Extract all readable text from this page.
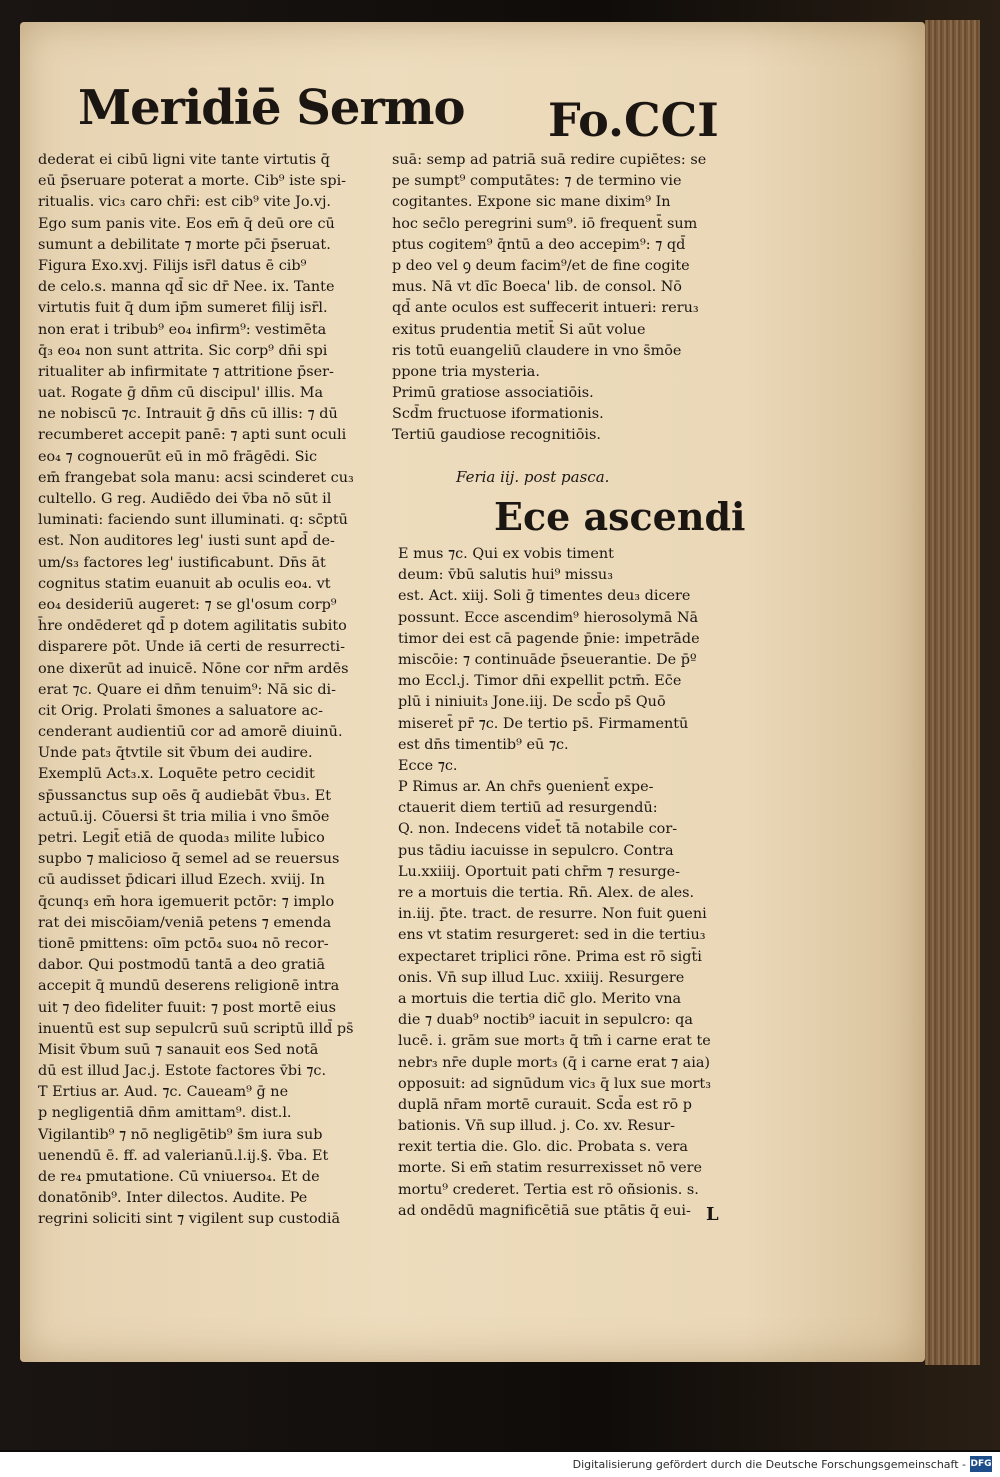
Meridiē Sermo Fo.CCI
dederat ei cibū ligni vite tante virtutis q̄
eū p̄seruare poterat a morte. Cib⁹ iste spi-
ritualis. vic₃ caro chr̄i: est cib⁹ vite Jo.vj.
Ego sum panis vite. Eos em̄ q̄ deū ore cū
sumunt a debilitate ⁊ morte pc̄i p̄seruat.
Figura Exo.xvj. Filijs isr̄l datus ē cib⁹
de celo.s. manna qd̄ sic dr̄ Nee. ix. Tante
virtutis fuit q̄ dum ip̄m sumeret filij isr̄l.
non erat i tribub⁹ eo₄ infirm⁹: vestimēta
q̄₃ eo₄ non sunt attrita. Sic corp⁹ dn̄i spi
ritualiter ab infirmitate ⁊ attritione p̄ser-
uat. Rogate ḡ dn̄m cū discipul' illis. Ma
ne nobiscū ⁊c. Intrauit ḡ dn̄s cū illis: ⁊ dū
recumberet accepit panē: ⁊ apti sunt oculi
eo₄ ⁊ cognouerūt eū in mō frāgēdi. Sic
em̄ frangebat sola manu: acsi scinderet cu₃
cultello. G reg. Audiēdo dei v̄ba nō sūt il
luminati: faciendo sunt illuminati. q: sc̄ptū
est. Non auditores leg' iusti sunt apd̄ de-
um/s₃ factores leg' iustificabunt. Dn̄s āt
cognitus statim euanuit ab oculis eo₄. vt
eo₄ desideriū augeret: ⁊ se gl'osum corp⁹
h̄re ondēderet qd̄ p dotem agilitatis subito
disparere pōt. Unde iā certi de resurrecti-
one dixerūt ad inuicē. Nōne cor nr̄m ardēs
erat ⁊c. Quare ei dn̄m tenuim⁹: Nā sic di-
cit Orig. Prolati s̄mones a saluatore ac-
cenderant audientiū cor ad amorē diuinū.
Unde pat₃ q̄tvtile sit v̄bum dei audire.
Exemplū Act₃.x. Loquēte petro cecidit
sp̄ussanctus sup oēs q̄ audiebāt v̄bu₃. Et
actuū.ij. Cōuersi s̄t tria milia i vno s̄mōe
petri. Legit̄ etiā de quoda₃ milite lub̄ico
supbo ⁊ malicioso q̄ semel ad se reuersus
cū audisset p̄dicari illud Ezech. xviij. In
q̄cunq₃ em̄ hora igemuerit pctōr: ⁊ implo
rat dei miscōiam/veniā petens ⁊ emenda
tionē pmittens: oīm pctō₄ suo₄ nō recor-
dabor. Qui postmodū tantā a deo gratiā
accepit q̄ mundū deserens religionē intra
uit ⁊ deo fideliter fuuit: ⁊ post mortē eius
inuentū est sup sepulcrū suū scriptū illd̄ ps̄
Misit v̄bum suū ⁊ sanauit eos Sed notā
dū est illud Jac.j. Estote factores v̄bi ⁊c.
T Ertius ar. Aud. ⁊c. Caueam⁹ ḡ ne
p negligentiā dn̄m amittam⁹. dist.l.
Vigilantib⁹ ⁊ nō negligētib⁹ s̄m iura sub
uenendū ē. ff. ad valerianū.l.ij.§. v̄ba. Et
de re₄ pmutatione. Cū vniuerso₄. Et de
donatōnib⁹. Inter dilectos. Audite. Pe
regrini soliciti sint ⁊ vigilent sup custodiā
suā: semp ad patriā suā redire cupiētes: se
pe sumpt⁹ computātes: ⁊ de termino vie
cogitantes. Expone sic mane dixim⁹ In
hoc sec̄lo peregrini sum⁹. iō frequent̄ sum
ptus cogitem⁹ q̄ntū a deo accepim⁹: ⁊ qd̄
p deo vel ꝯ deum facim⁹/et de fine cogite
mus. Nā vt dīc Boeca' lib. de consol. Nō
qd̄ ante oculos est suffecerit intueri: reru₃
exitus prudentia metit̄ Si aūt volue
ris totū euangeliū claudere in vno s̄mōe
ppone tria mysteria.
Primū gratiose associatiōis.
Scd̄m fructuose iformationis.
Tertiū gaudiose recognitiōis.
Feria iij. post pasca.
Ece ascendi
E mus ⁊c. Qui ex vobis timent
deum: v̄bū salutis hui⁹ missu₃
est. Act. xiij. Soli ḡ timentes deu₃ dicere
possunt. Ecce ascendim⁹ hierosolymā Nā
timor dei est cā pagende p̄nie: impetrāde
miscōie: ⁊ continuāde p̄seuerantie. De p̄º
mo Eccl.j. Timor dn̄i expellit pctm̄. Ec̄e
plū i niniuit₃ Jone.iij. De scd̄o ps̄ Quō
miseret̄ pr̄ ⁊c. De tertio ps̄. Firmamentū
est dn̄s timentib⁹ eū ⁊c.
Ecce ⁊c.
P Rimus ar. An chr̄s ꝯuenient̄ expe-
ctauerit diem tertiū ad resurgendū:
Q. non. Indecens videt̄ tā notabile cor-
pus tādiu iacuisse in sepulcro. Contra
Lu.xxiiij. Oportuit pati chr̄m ⁊ resurge-
re a mortuis die tertia. Rn̄. Alex. de ales.
in.iij. p̄te. tract. de resurre. Non fuit ꝯueni
ens vt statim resurgeret: sed in die tertiu₃
expectaret triplici rōne. Prima est rō sigt̄i
onis. Vn̄ sup illud Luc. xxiiij. Resurgere
a mortuis die tertia dic̄ glo. Merito vna
die ⁊ duab⁹ noctib⁹ iacuit in sepulcro: qa
lucē. i. grām sue mort₃ q̄ tm̄ i carne erat te
nebr₃ nr̄e duple mort₃ (q̄ i carne erat ⁊ aia)
opposuit: ad signūdum vic₃ q̄ lux sue mort₃
duplā nr̄am mortē curauit. Scd̄a est rō p
bationis. Vn̄ sup illud. j. Co. xv. Resur-
rexit tertia die. Glo. dic. Probata s. vera
morte. Si em̄ statim resurrexisset nō vere
mortu⁹ crederet. Tertia est rō oñsionis. s.
ad ondēdū magnificētiā sue ptātis q̄ eui- L
Digitalisierung gefördert durch die Deutsche Forschungsgemeinschaft - DFG
